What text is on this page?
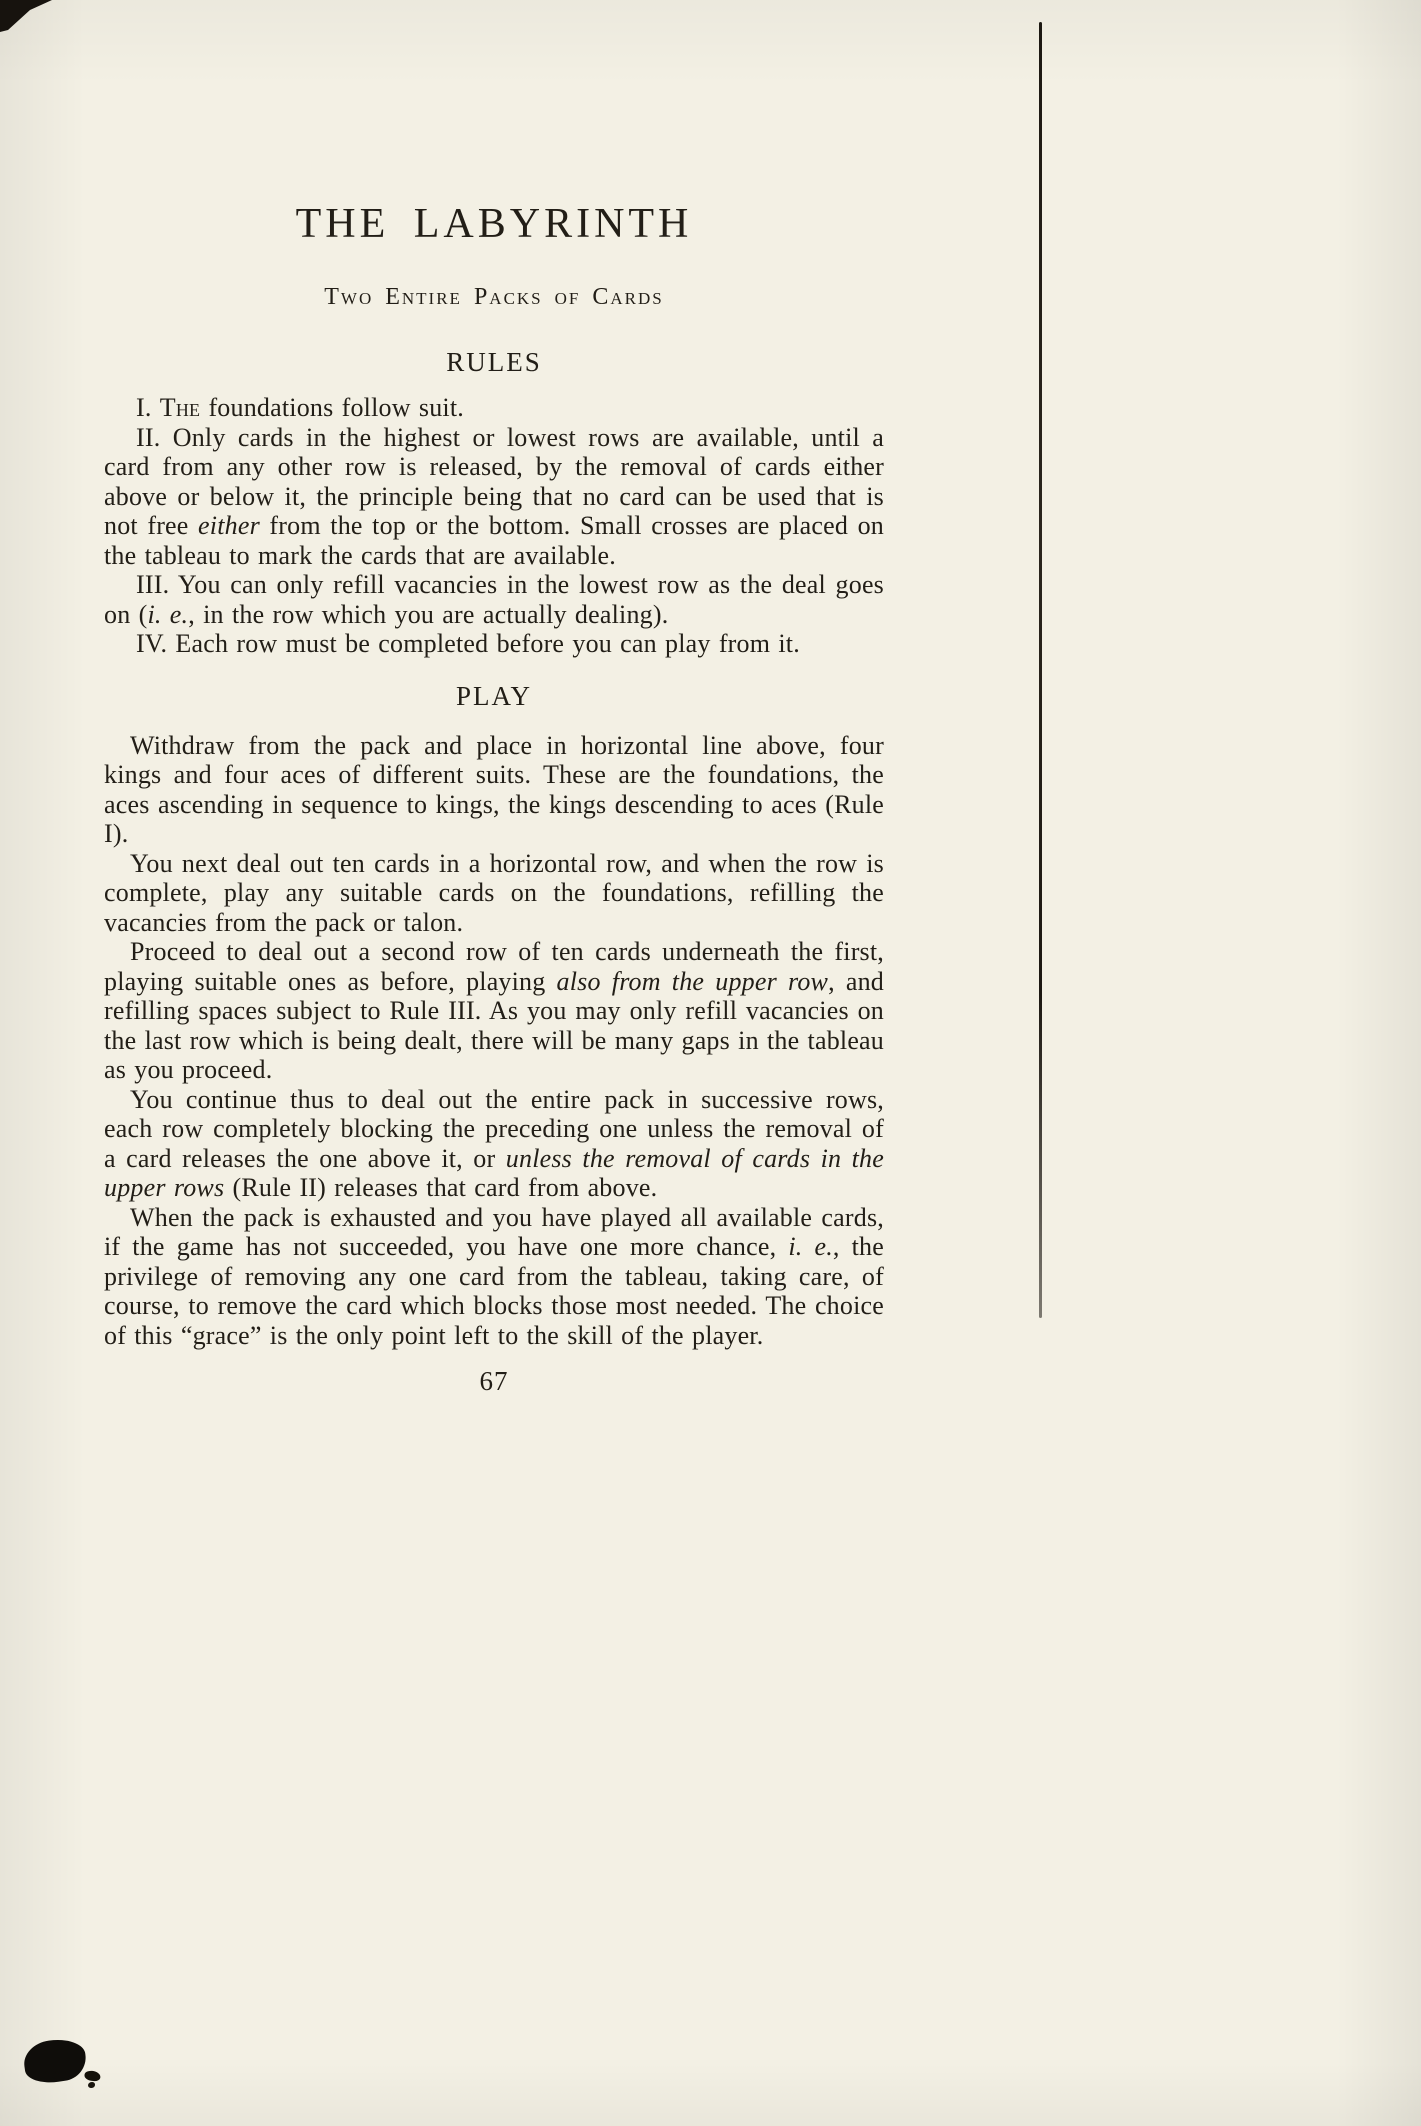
THE LABYRINTH
Two Entire Packs of Cards
RULES

I. The foundations follow suit.

II. Only cards in the highest or lowest rows are available, until a card from any other row is released, by the removal of cards either above or below it, the principle being that no card can be used that is not free either from the top or the bottom. Small crosses are placed on the tableau to mark the cards that are available.

III. You can only refill vacancies in the lowest row as the deal goes on (i. e., in the row which you are actually dealing).

IV. Each row must be completed before you can play from it.

PLAY

Withdraw from the pack and place in horizontal line above, four kings and four aces of different suits. These are the foundations, the aces ascending in sequence to kings, the kings descending to aces (Rule I).

You next deal out ten cards in a horizontal row, and when the row is complete, play any suitable cards on the foundations, refilling the vacancies from the pack or talon.

Proceed to deal out a second row of ten cards underneath the first, playing suitable ones as before, playing also from the upper row, and refilling spaces subject to Rule III. As you may only refill vacancies on the last row which is being dealt, there will be many gaps in the tableau as you proceed.

You continue thus to deal out the entire pack in successive rows, each row completely blocking the preceding one unless the removal of a card releases the one above it, or unless the removal of cards in the upper rows (Rule II) releases that card from above.

When the pack is exhausted and you have played all available cards, if the game has not succeeded, you have one more chance, i. e., the privilege of removing any one card from the tableau, taking care, of course, to remove the card which blocks those most needed. The choice of this “grace” is the only point left to the skill of the player.

67
